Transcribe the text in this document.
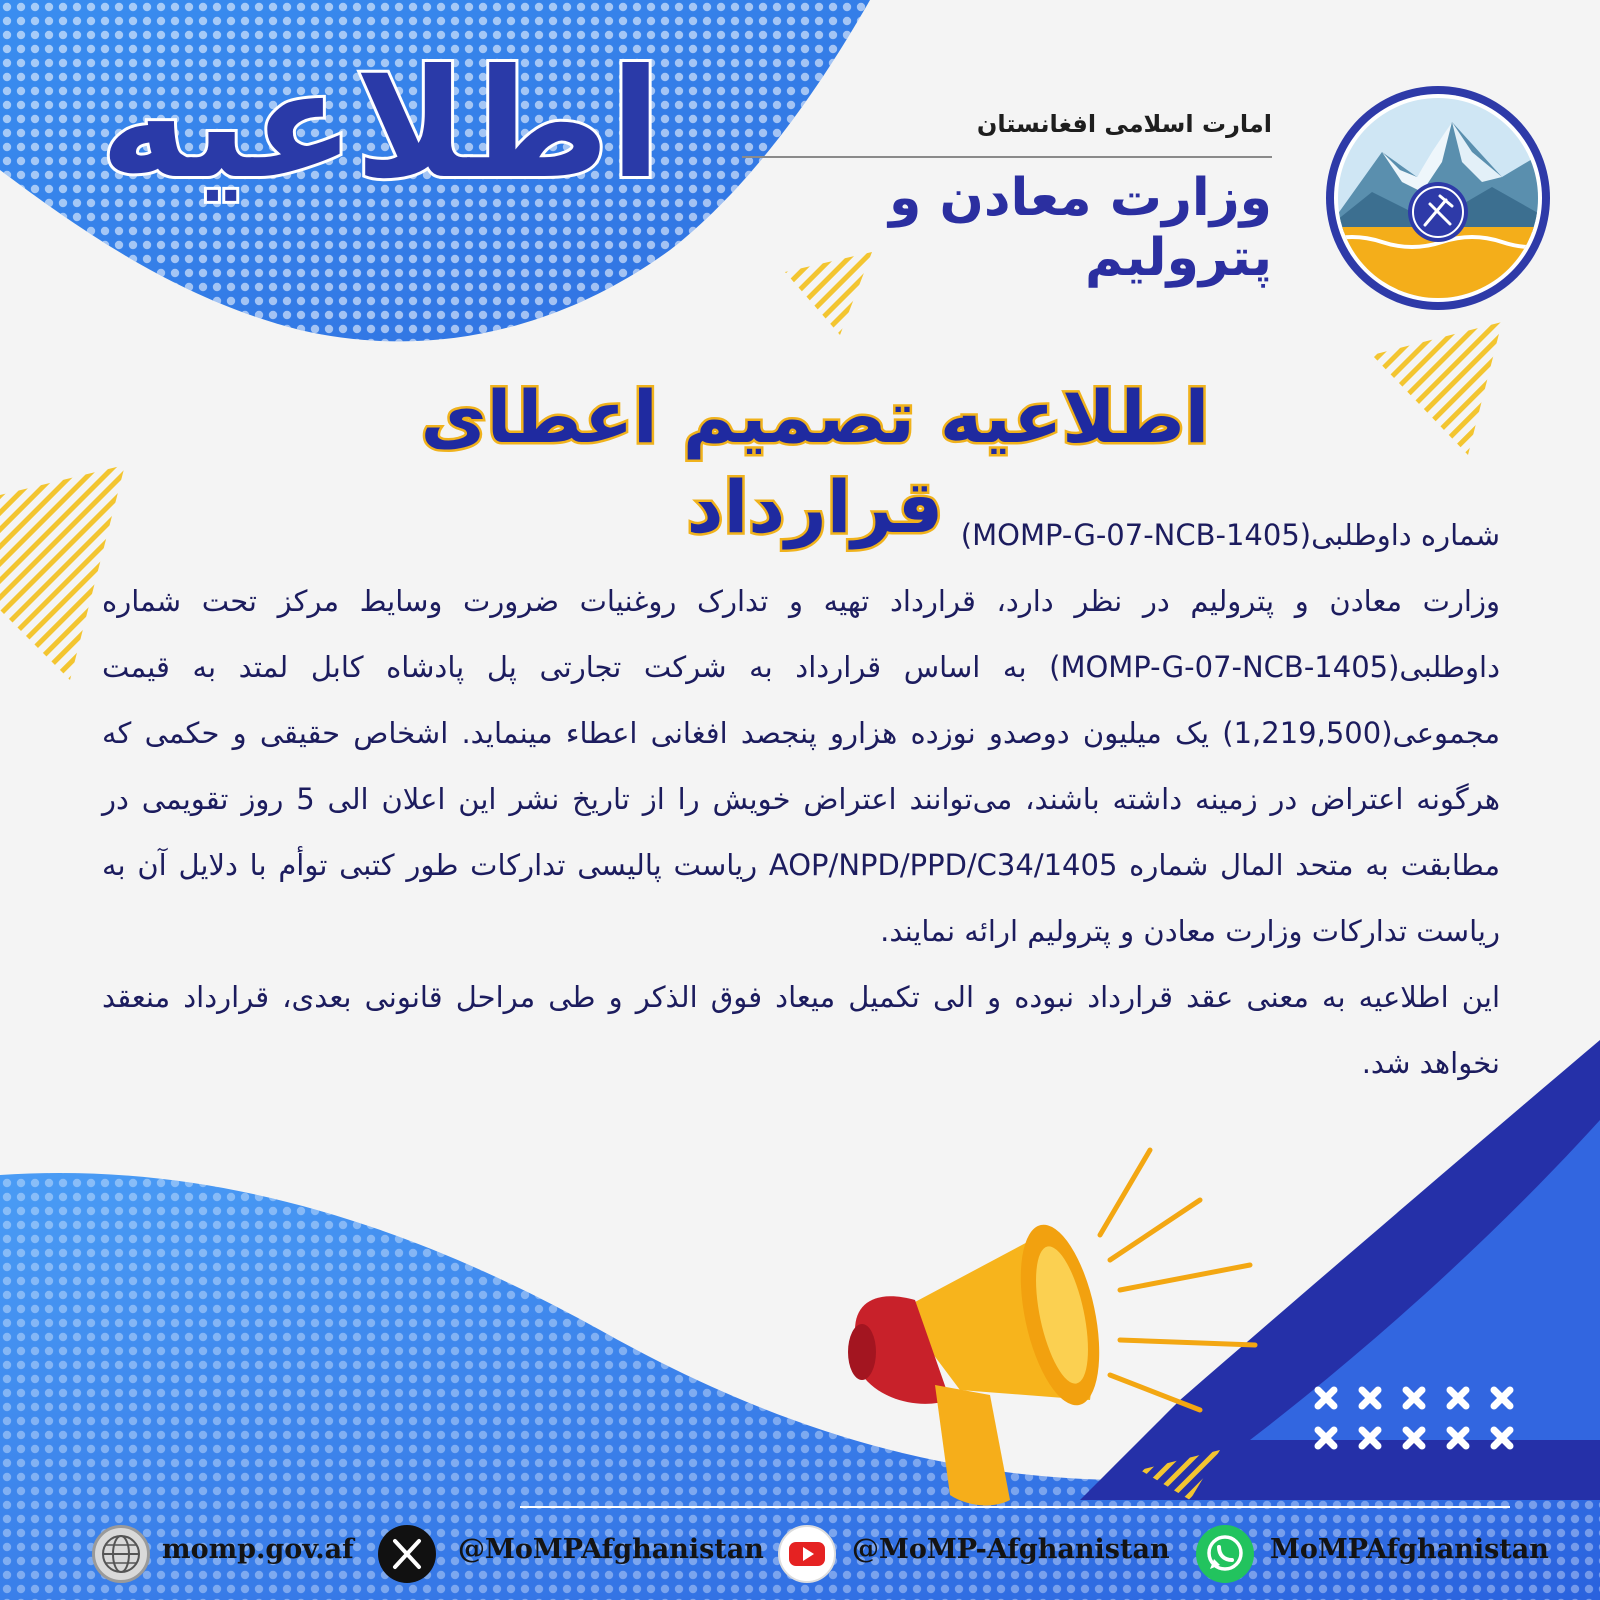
اطلاعیه	امارت اسلامی افغانستان
وزارت معادن و پترولیم
اطلاعیه تصمیم اعطای قرارداد شماره داوطلبی(MOMP-G-07-NCB-1405)

وزارت معادن و پترولیم در نظر دارد، قرارداد تهیه و تدارک روغنیات ضرورت وسایط مرکز تحت شماره داوطلبی(MOMP-G-07-NCB-1405) به اساس قرارداد به شرکت تجارتی پل پادشاه کابل لمتد به قیمت مجموعی(1,219,500) یک میلیون دوصدو نوزده هزارو پنجصد افغانی اعطاء مینماید. اشخاص حقیقی و حکمی که هرگونه اعتراض در زمینه داشته باشند، می‌توانند اعتراض خویش را از تاریخ نشر این اعلان الی 5 روز تقویمی در مطابقت به متحد المال شماره AOP/NPD/PPD/C34/1405 ریاست پالیسی تدارکات طور کتبی توأم با دلایل آن به ریاست تدارکات وزارت معادن و پترولیم ارائه نمایند.

این اطلاعیه به معنی عقد قرارداد نبوده و الی تکمیل میعاد فوق الذکر و طی مراحل قانونی بعدی، قرارداد منعقد نخواهد شد.

momp.gov.af	@MoMPAfghanistan	@MoMP-Afghanistan	MoMPAfghanistan
